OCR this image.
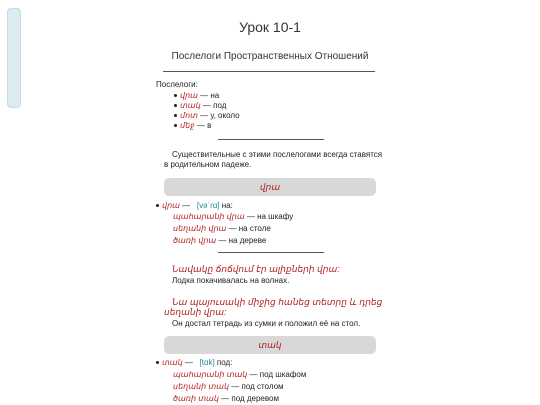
Урок 10-1
Послелоги Пространственных Отношений
Послелоги:
վրա — на
տակ — под
մոտ — у, около
մեջ — в
Существительные с этими послелогами всегда ставятся
в родительном падеже.
վրա
վրա —   [vəˈɾɑ] на:
պահարանի վրա — на шкафу
սեղանի վրա — на столе
ծառի վրա — на дереве
Նավակը ճոճվում էր ալիքների վրա:
Лодка покачивалась на волнах.
Նա պայուսակի միջից հանեց տետրը և դրեց
սեղանի վրա:
Он достал тетрадь из сумки и положил её на стол.
տակ
տակ —   [tɑk] под:
պահարանի տակ — под шкафом
սեղանի տակ — под столом
ծառի տակ — под деревом
